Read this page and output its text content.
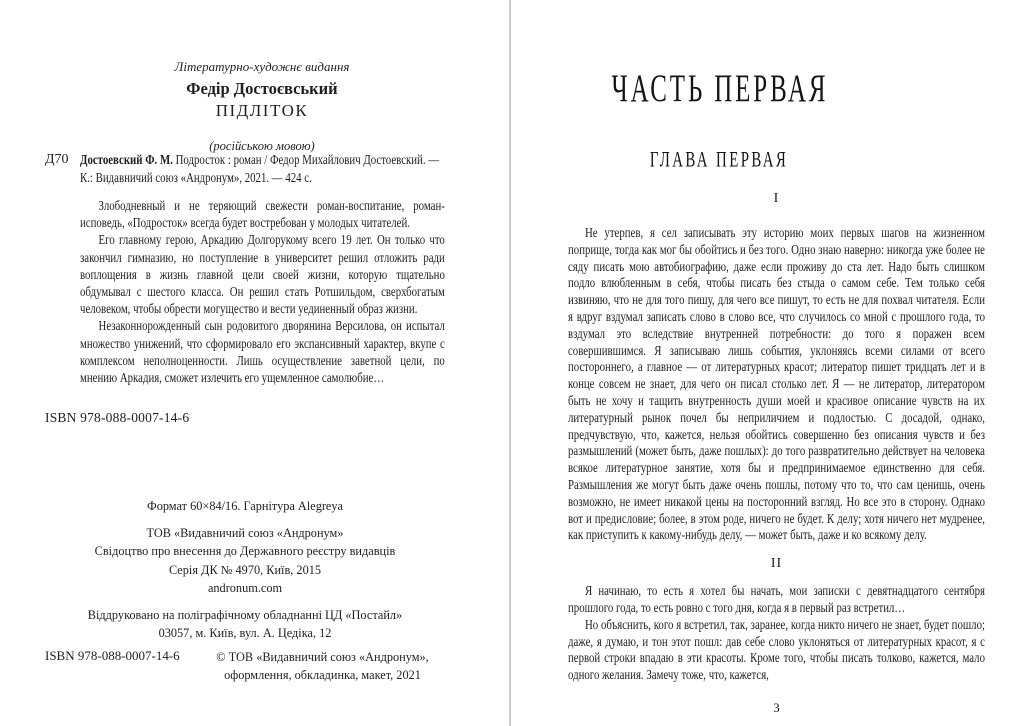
Літературно-художнє видання
Федір Достоєвський
ПІДЛІТОК
(російською мовою)
Д70 Достоевский Ф. М. Подросток : роман / Федор Михайлович Достоевский. — К.: Видавничий союз «Андронум», 2021. — 424 с.

Злободневный и не теряющий свежести роман-воспитание, роман-исповедь, «Подросток» всегда будет востребован у молодых читателей.

Его главному герою, Аркадию Долгорукому всего 19 лет. Он только что закончил гимназию, но поступление в университет решил отложить ради воплощения в жизнь главной цели своей жизни, которую тщательно обдумывал с шестого класса. Он решил стать Ротшильдом, сверхбогатым человеком, чтобы обрести могущество и вести уединенный образ жизни.

Незаконнорожденный сын родовитого дворянина Версилова, он испытал множество унижений, что сформировало его экспансивный характер, вкупе с комплексом неполноценности. Лишь осуществление заветной цели, по мнению Аркадия, сможет излечить его ущемленное самолюбие…

ISBN 978-088-0007-14-6
Формат 60×84/16. Гарнітура Alegreya
ТОВ «Видавничий союз «Андронум»
Свідоцтво про внесення до Державного реєстру видавців
Серія ДК № 4970, Київ, 2015
andronum.com
Віддруковано на поліграфічному обладнанні ЦД «Постайл»
03057, м. Київ, вул. А. Цедіка, 12
ISBN 978-088-0007-14-6	© ТОВ «Видавничий союз «Андронум»,
оформлення, обкладинка, макет, 2021
ЧАСТЬ ПЕРВАЯ
ГЛАВА ПЕРВАЯ
I

Не утерпев, я сел записывать эту историю моих первых шагов на жизненном поприще, тогда как мог бы обойтись и без того. Одно знаю наверно: никогда уже более не сяду писать мою автобиографию, даже если проживу до ста лет. Надо быть слишком подло влюбленным в себя, чтобы писать без стыда о самом себе. Тем только себя извиняю, что не для того пишу, для чего все пишут, то есть не для похвал читателя. Если я вдруг вздумал записать слово в слово все, что случилось со мной с прошлого года, то вздумал это вследствие внутренней потребности: до того я поражен всем совершившимся. Я записываю лишь события, уклоняясь всеми силами от всего постороннего, а главное — от литературных красот; литератор пишет тридцать лет и в конце совсем не знает, для чего он писал столько лет. Я — не литератор, литератором быть не хочу и тащить внутренность души моей и красивое описание чувств на их литературный рынок почел бы неприличием и подлостью. С досадой, однако, предчувствую, что, кажется, нельзя обойтись совершенно без описания чувств и без размышлений (может быть, даже пошлых): до того развратительно действует на человека всякое литературное занятие, хотя бы и предпринимаемое единственно для себя. Размышления же могут быть даже очень пошлы, потому что то, что сам ценишь, очень возможно, не имеет никакой цены на посторонний взгляд. Но все это в сторону. Однако вот и предисловие; более, в этом роде, ничего не будет. К делу; хотя ничего нет мудренее, как приступить к какому-нибудь делу, — может быть, даже и ко всякому делу.

II

Я начинаю, то есть я хотел бы начать, мои записки с девятнадцатого сентября прошлого года, то есть ровно с того дня, когда я в первый раз встретил…

Но объяснить, кого я встретил, так, заранее, когда никто ничего не знает, будет пошло; даже, я думаю, и тон этот пошл: дав себе слово уклоняться от литературных красот, я с первой строки впадаю в эти красоты. Кроме того, чтобы писать толково, кажется, мало одного желания. Замечу тоже, что, кажется,

3
